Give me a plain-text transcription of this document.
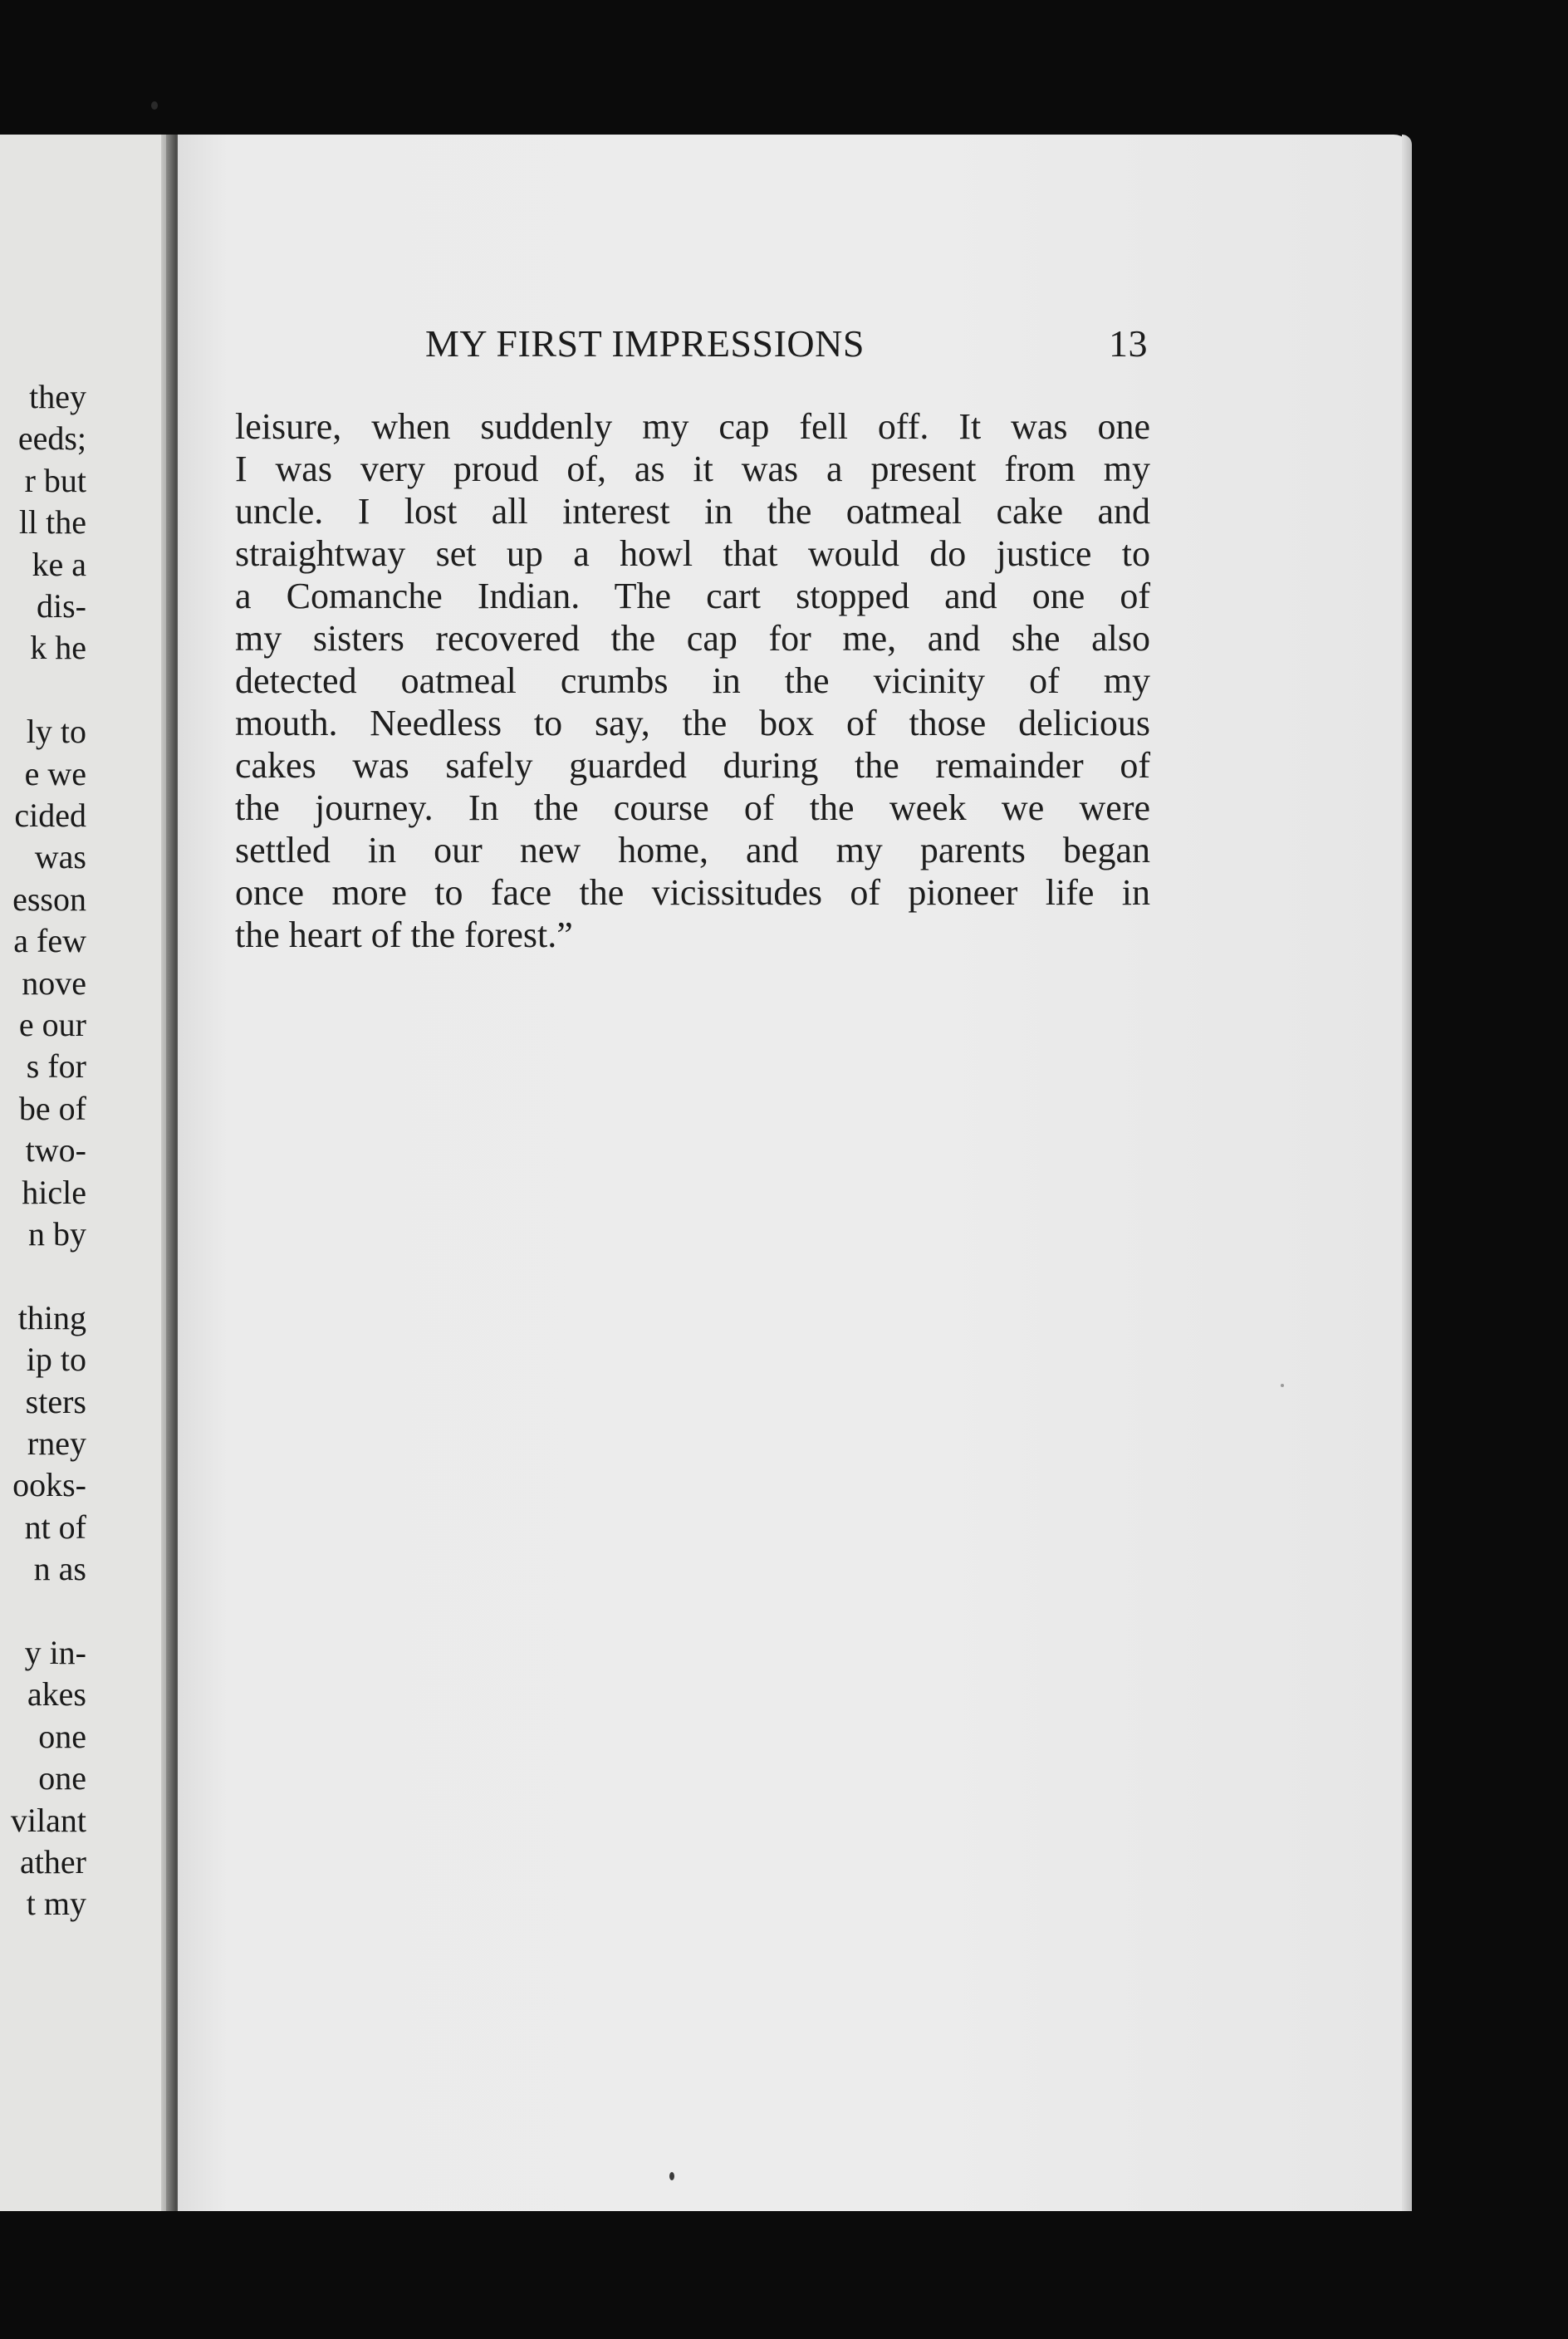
they
eeds;
r but
ll the
ke a
dis-
k he
ly to
e we
cided
was
esson
a few
nove
e our
s for
be of
two-
hicle
n by
thing
ip to
sters
rney
ooks-
nt of
n as
y in-
akes
one
one
vilant
ather
t my
MY FIRST IMPRESSIONS	13
leisure, when suddenly my cap fell off. It was one
I was very proud of, as it was a present from my
uncle. I lost all interest in the oatmeal cake and
straightway set up a howl that would do justice to
a Comanche Indian. The cart stopped and one of
my sisters recovered the cap for me, and she also
detected oatmeal crumbs in the vicinity of my
mouth. Needless to say, the box of those delicious
cakes was safely guarded during the remainder of
the journey. In the course of the week we were
settled in our new home, and my parents began
once more to face the vicissitudes of pioneer life in
the heart of the forest.”
